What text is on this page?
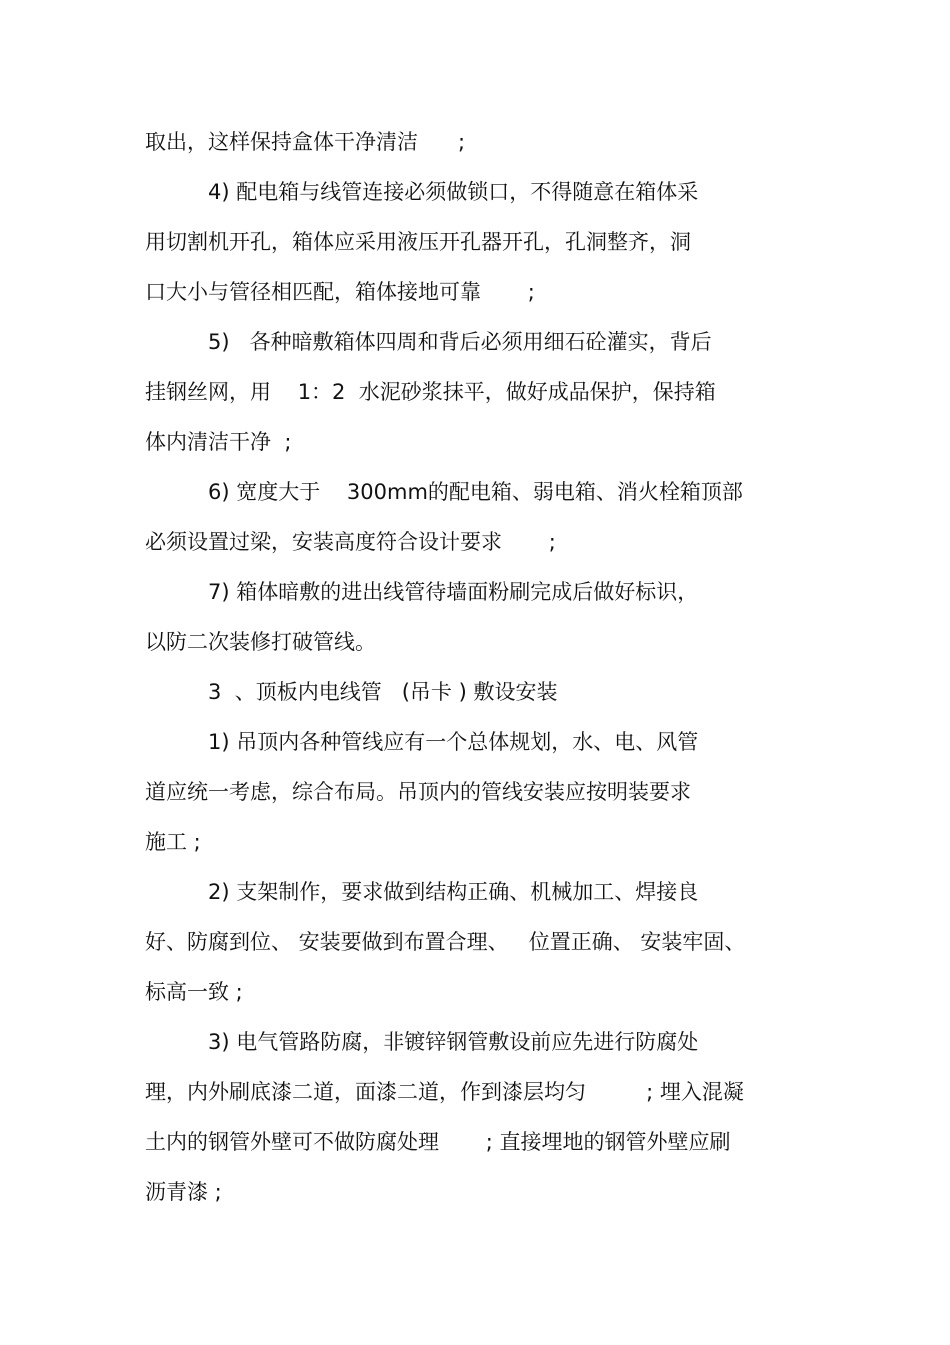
取出，这样保持盒体干净清洁      ;
4) 配电箱与线管连接必须做锁口，不得随意在箱体采
用切割机开孔，箱体应采用液压开孔器开孔，孔洞整齐，洞
口大小与管径相匹配，箱体接地可靠       ;
5)   各种暗敷箱体四周和背后必须用细石砼灌实，背后
挂钢丝网，用    1：2  水泥砂浆抹平，做好成品保护，保持箱
体内清洁干净  ;
6) 宽度大于    300mm的配电箱、弱电箱、消火栓箱顶部
必须设置过梁，安装高度符合设计要求       ;
7) 箱体暗敷的进出线管待墙面粉刷完成后做好标识，
以防二次装修打破管线。
3  、顶板内电线管   (吊卡 ) 敷设安装
1) 吊顶内各种管线应有一个总体规划，水、电、风管
道应统一考虑，综合布局。吊顶内的管线安装应按明装要求
施工 ;
2) 支架制作，要求做到结构正确、机械加工、焊接良
好、防腐到位、 安装要做到布置合理、   位置正确、 安装牢固、
标高一致 ;
3) 电气管路防腐，非镀锌钢管敷设前应先进行防腐处
理，内外刷底漆二道，面漆二道，作到漆层均匀         ; 埋入混凝
土内的钢管外壁可不做防腐处理       ; 直接埋地的钢管外壁应刷
沥青漆 ;
